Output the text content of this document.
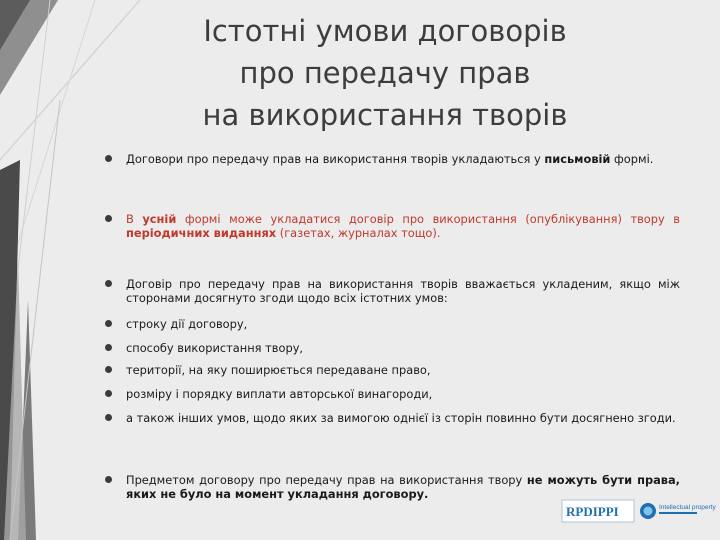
Істотні умови договорів
про передачу прав
на використання творів
Договори про передачу прав на використання творів укладаються у письмовій формі.
В усній формі може укладатися договір про використання (опублікування) твору в періодичних виданнях (газетах, журналах тощо).
Договір про передачу прав на використання творів вважається укладеним, якщо між сторонами досягнуто згоди щодо всіх істотних умов:
строку дії договору,
способу використання твору,
території, на яку поширюється передаване право,
розміру і порядку виплати авторської винагороди,
а також інших умов, щодо яких за вимогою однієї із сторін повинно бути досягнено згоди.
Предметом договору про передачу прав на використання твору не можуть бути права, яких не було на момент укладання договору.
RPDIPPI	Intellectual property
